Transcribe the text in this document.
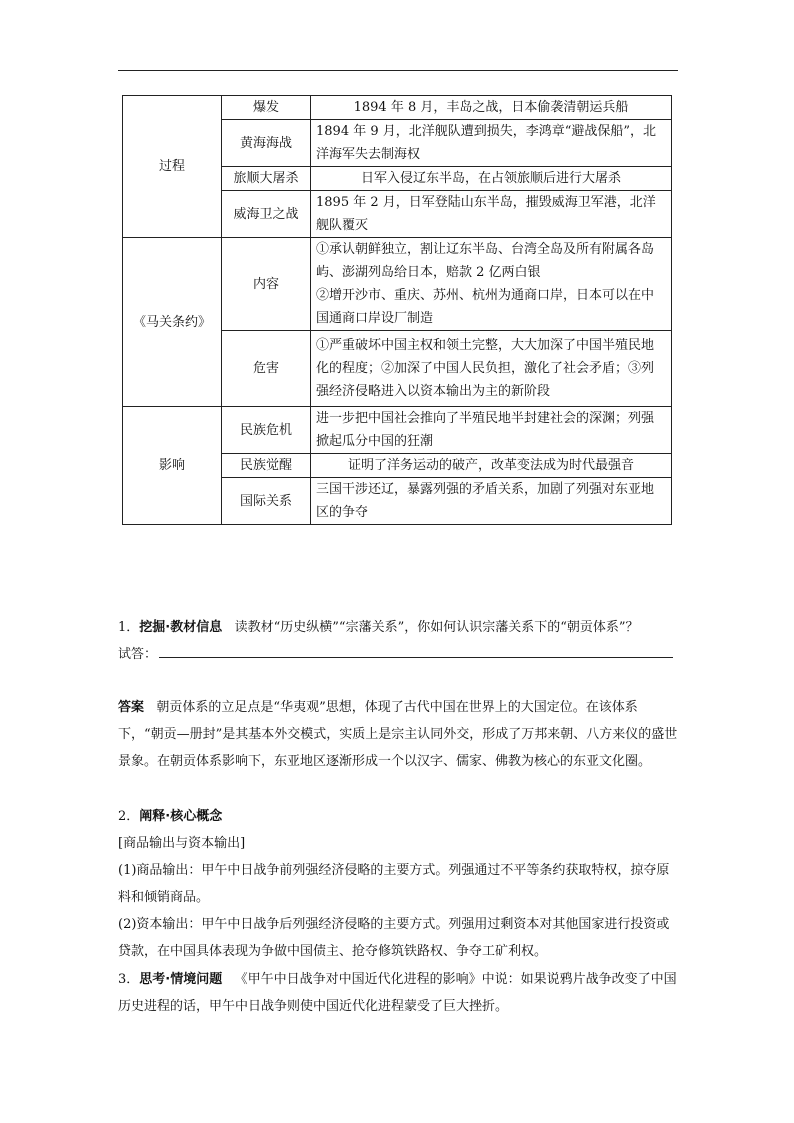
过程	爆发	1894 年 8 月，丰岛之战，日本偷袭清朝运兵船
	黄海海战	1894 年 9 月，北洋舰队遭到损失，李鸿章“避战保船”，北洋海军失去制海权
	旅顺大屠杀	日军入侵辽东半岛，在占领旅顺后进行大屠杀
	威海卫之战	1895 年 2 月，日军登陆山东半岛，摧毁威海卫军港，北洋舰队覆灭
《马关条约》	内容	①承认朝鲜独立，割让辽东半岛、台湾全岛及所有附属各岛屿、澎湖列岛给日本，赔款 2 亿两白银
		②增开沙市、重庆、苏州、杭州为通商口岸，日本可以在中国通商口岸设厂制造
	危害	①严重破坏中国主权和领土完整，大大加深了中国半殖民地化的程度；②加深了中国人民负担，激化了社会矛盾；③列强经济侵略进入以资本输出为主的新阶段
影响	民族危机	进一步把中国社会推向了半殖民地半封建社会的深渊；列强掀起瓜分中国的狂潮
	民族觉醒	证明了洋务运动的破产，改革变法成为时代最强音
	国际关系	三国干涉还辽，暴露列强的矛盾关系，加剧了列强对东亚地区的争夺

1．挖掘·教材信息 读教材“历史纵横”“宗藩关系”，你如何认识宗藩关系下的“朝贡体系”？

试答：

答案 朝贡体系的立足点是“华夷观”思想，体现了古代中国在世界上的大国定位。在该体系下，“朝贡—册封”是其基本外交模式，实质上是宗主认同外交，形成了万邦来朝、八方来仪的盛世景象。在朝贡体系影响下，东亚地区逐渐形成一个以汉字、儒家、佛教为核心的东亚文化圈。

2．阐释·核心概念

[商品输出与资本输出]

(1)商品输出：甲午中日战争前列强经济侵略的主要方式。列强通过不平等条约获取特权，掠夺原料和倾销商品。

(2)资本输出：甲午中日战争后列强经济侵略的主要方式。列强用过剩资本对其他国家进行投资或贷款，在中国具体表现为争做中国债主、抢夺修筑铁路权、争夺工矿利权。

3．思考·情境问题 《甲午中日战争对中国近代化进程的影响》中说：如果说鸦片战争改变了中国历史进程的话，甲午中日战争则使中国近代化进程蒙受了巨大挫折。
